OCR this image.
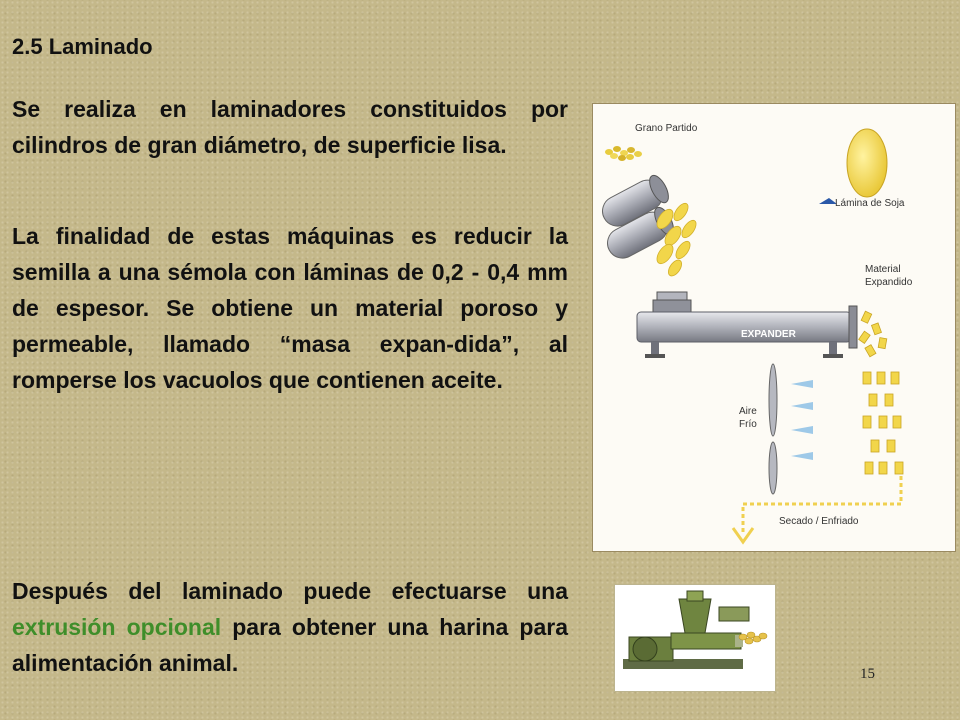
2.5 Laminado

Se realiza en laminadores constituidos por cilindros de gran diámetro, de superficie lisa.

La finalidad de estas máquinas es reducir la semilla a una sémola con láminas de 0,2 - 0,4 mm de espesor. Se obtiene un material poroso y permeable, llamado “masa expan-dida”, al romperse los vacuolos que contienen aceite.

Después del laminado puede efectuarse una extrusión opcional para obtener una harina para alimentación animal.

Grano Partido
Lámina de Soja
Material
Expandido
EXPANDER
Aire
Frío
Secado / Enfriado
15
